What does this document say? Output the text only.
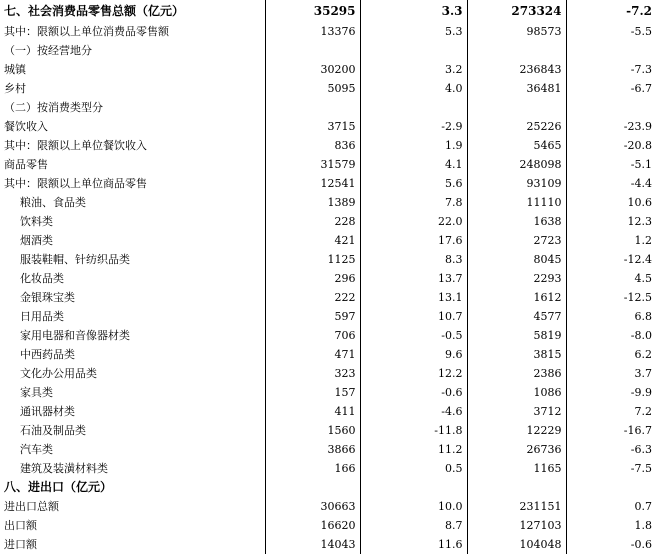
七、社会消费品零售总额（亿元）	35295	3.3	273324	-7.2
其中：限额以上单位消费品零售额	13376	5.3	98573	-5.5
（一）按经营地分				
城镇	30200	3.2	236843	-7.3
乡村	5095	4.0	36481	-6.7
（二）按消费类型分				
餐饮收入	3715	-2.9	25226	-23.9
其中：限额以上单位餐饮收入	836	1.9	5465	-20.8
商品零售	31579	4.1	248098	-5.1
其中：限额以上单位商品零售	12541	5.6	93109	-4.4
粮油、食品类	1389	7.8	11110	10.6
饮料类	228	22.0	1638	12.3
烟酒类	421	17.6	2723	1.2
服装鞋帽、针纺织品类	1125	8.3	8045	-12.4
化妆品类	296	13.7	2293	4.5
金银珠宝类	222	13.1	1612	-12.5
日用品类	597	10.7	4577	6.8
家用电器和音像器材类	706	-0.5	5819	-8.0
中西药品类	471	9.6	3815	6.2
文化办公用品类	323	12.2	2386	3.7
家具类	157	-0.6	1086	-9.9
通讯器材类	411	-4.6	3712	7.2
石油及制品类	1560	-11.8	12229	-16.7
汽车类	3866	11.2	26736	-6.3
建筑及装潢材料类	166	0.5	1165	-7.5
八、进出口（亿元）				
进出口总额	30663	10.0	231151	0.7
出口额	16620	8.7	127103	1.8
进口额	14043	11.6	104048	-0.6
